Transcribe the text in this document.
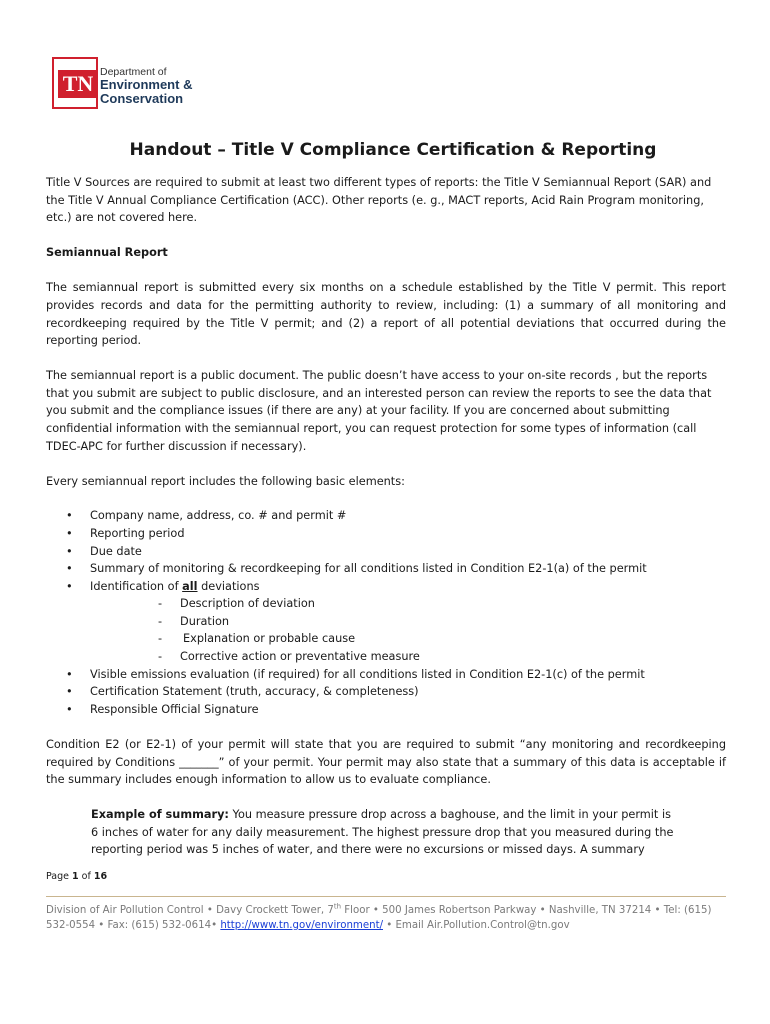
TN Department of
Environment &
Conservation
Handout – Title V Compliance Certification & Reporting

Title V Sources are required to submit at least two different types of reports: the Title V Semiannual Report (SAR) and the Title V Annual Compliance Certification (ACC). Other reports (e. g., MACT reports, Acid Rain Program monitoring, etc.) are not covered here.

Semiannual Report

The semiannual report is submitted every six months on a schedule established by the Title V permit. This report provides records and data for the permitting authority to review, including: (1) a summary of all monitoring and recordkeeping required by the Title V permit; and (2) a report of all potential deviations that occurred during the reporting period.

The semiannual report is a public document. The public doesn’t have access to your on-site records , but the reports that you submit are subject to public disclosure, and an interested person can review the reports to see the data that you submit and the compliance issues (if there are any) at your facility. If you are concerned about submitting confidential information with the semiannual report, you can request protection for some types of information (call TDEC-APC for further discussion if necessary).

Every semiannual report includes the following basic elements:

• Company name, address, co. # and permit #
• Reporting period
• Due date
• Summary of monitoring & recordkeeping for all conditions listed in Condition E2-1(a) of the permit
• Identification of all deviations
- Description of deviation
- Duration
- Explanation or probable cause
- Corrective action or preventative measure
• Visible emissions evaluation (if required) for all conditions listed in Condition E2-1(c) of the permit
• Certification Statement (truth, accuracy, & completeness)
• Responsible Official Signature

Condition E2 (or E2-1) of your permit will state that you are required to submit “any monitoring and recordkeeping required by Conditions _______” of your permit. Your permit may also state that a summary of this data is acceptable if the summary includes enough information to allow us to evaluate compliance.

Example of summary: You measure pressure drop across a baghouse, and the limit in your permit is 6 inches of water for any daily measurement. The highest pressure drop that you measured during the reporting period was 5 inches of water, and there were no excursions or missed days. A summary

Page 1 of 16
Division of Air Pollution Control • Davy Crockett Tower, 7th Floor • 500 James Robertson Parkway • Nashville, TN 37214 • Tel: (615) 532-0554 • Fax: (615) 532-0614• http://www.tn.gov/environment/ • Email Air.Pollution.Control@tn.gov
